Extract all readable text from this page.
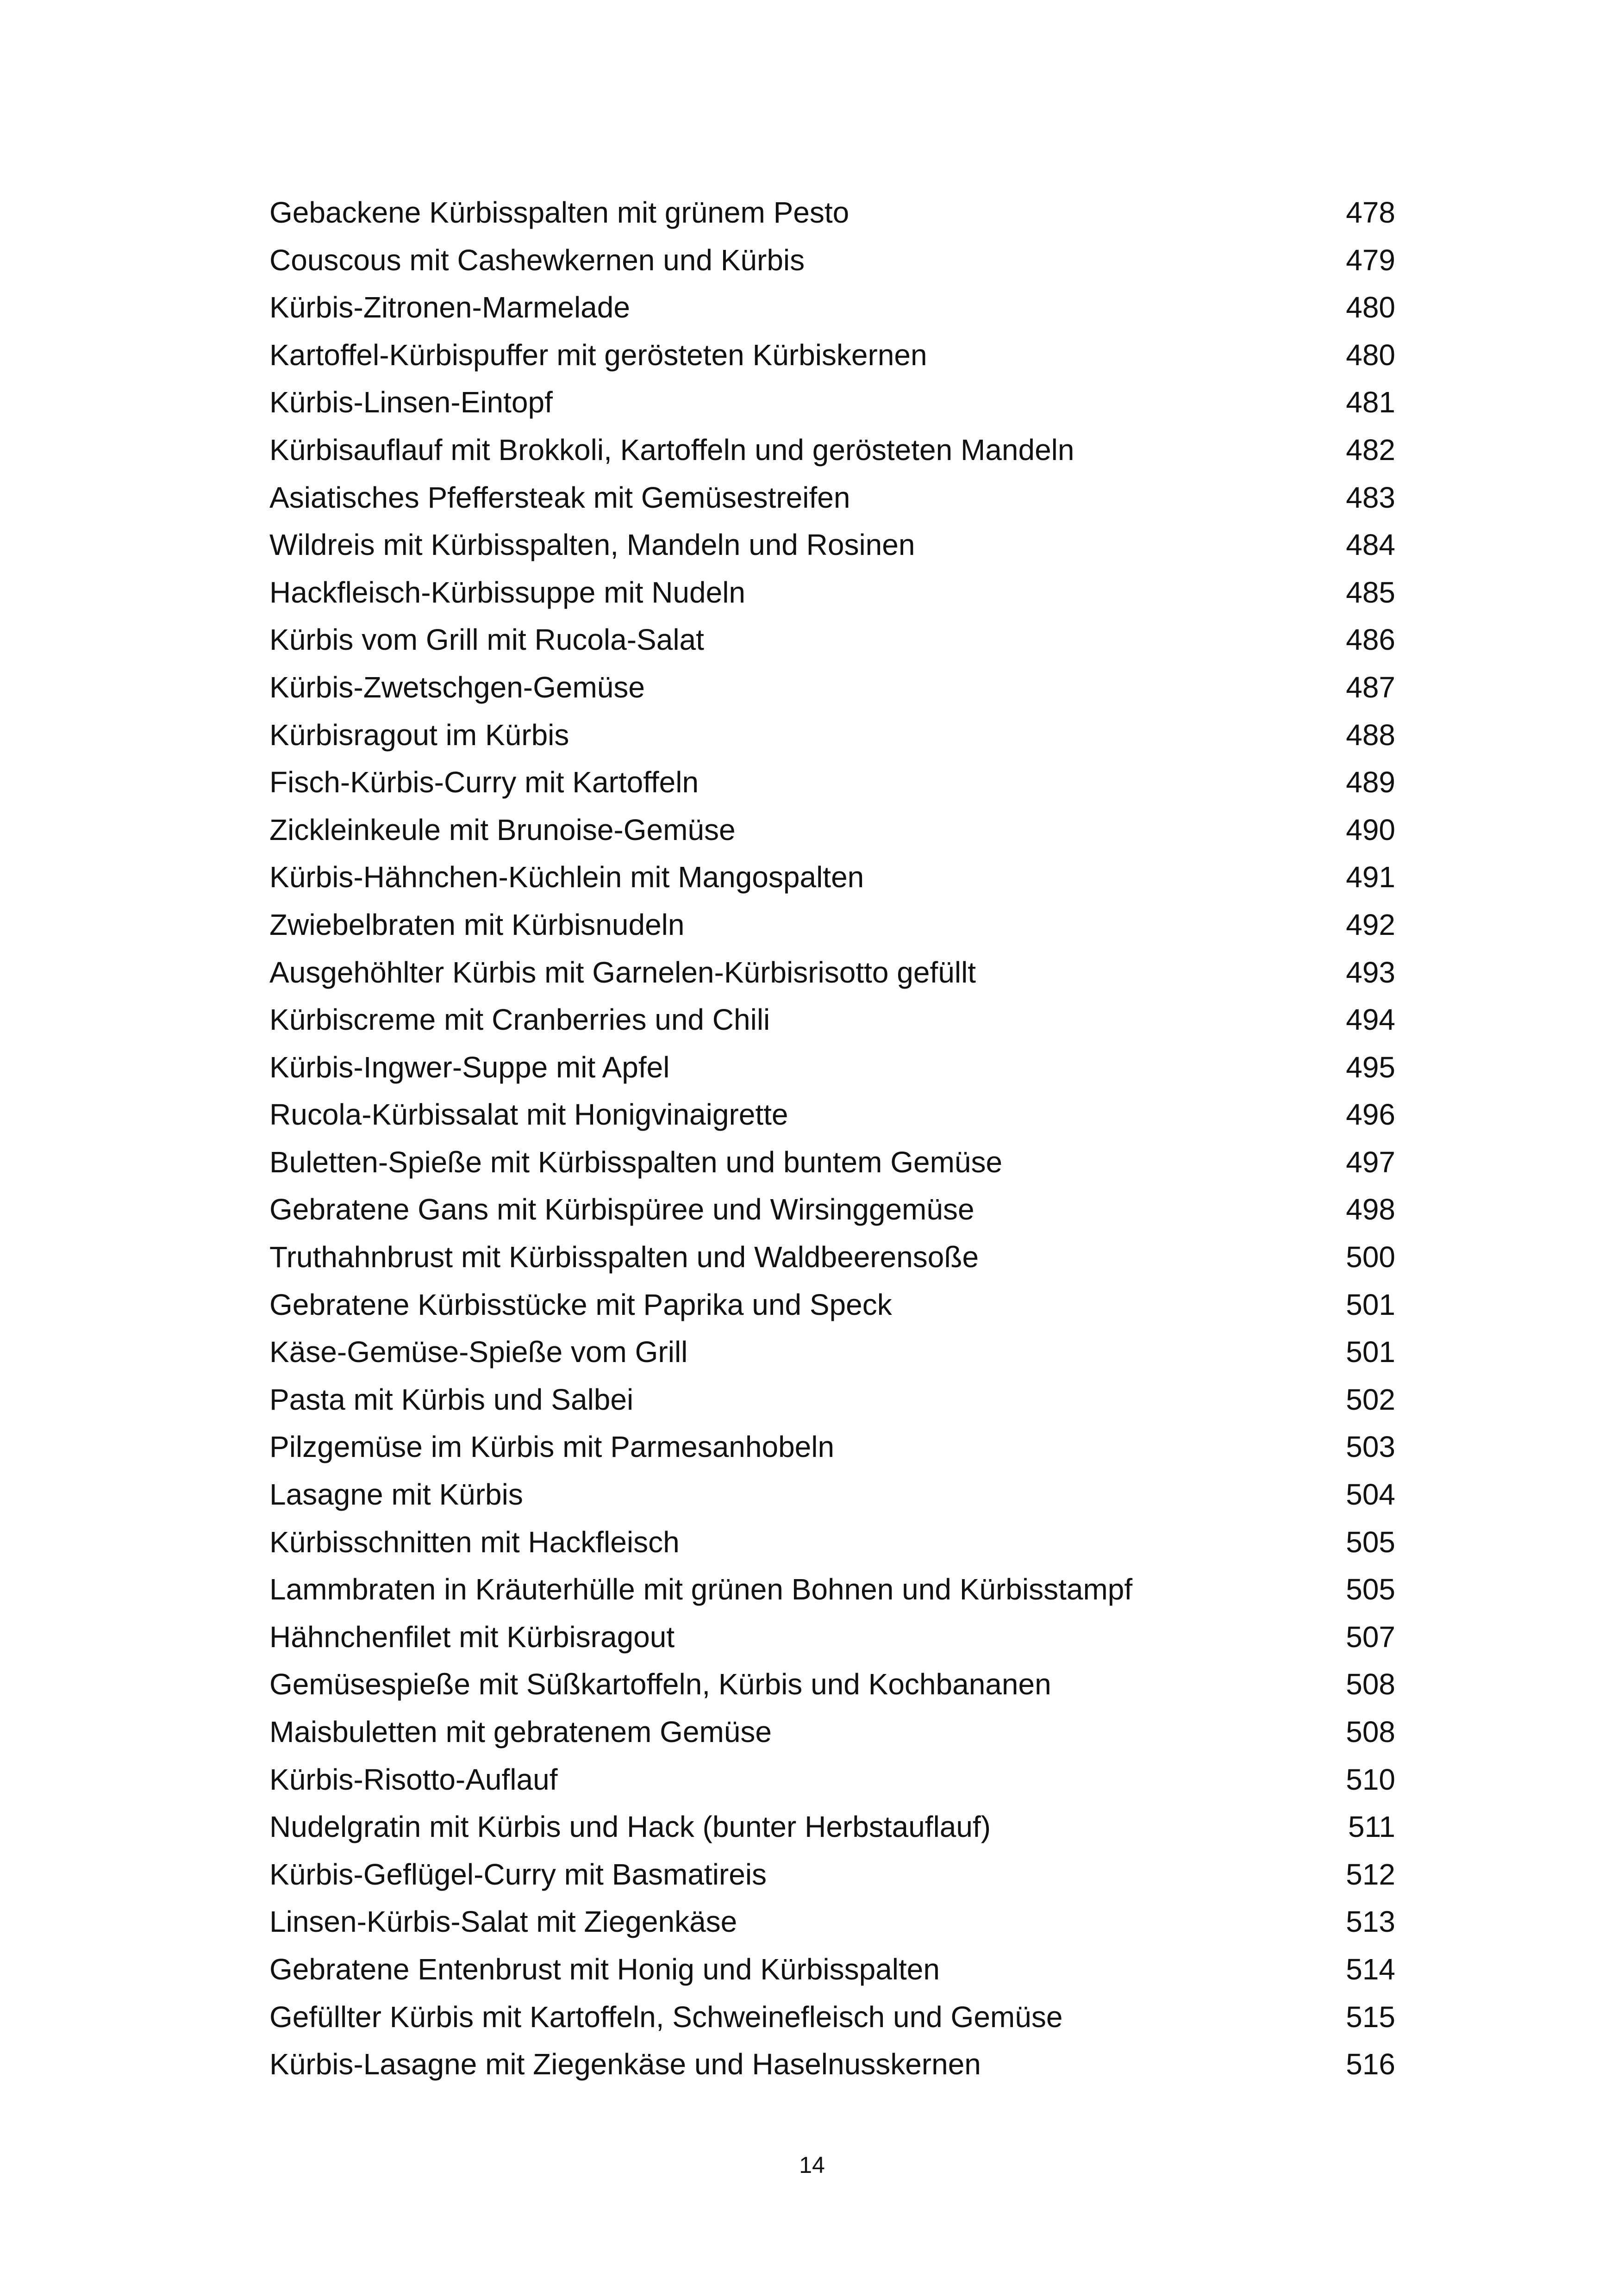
Gebackene Kürbisspalten mit grünem Pesto	478
Couscous mit Cashewkernen und Kürbis	479
Kürbis-Zitronen-Marmelade	480
Kartoffel-Kürbispuffer mit gerösteten Kürbiskernen	480
Kürbis-Linsen-Eintopf	481
Kürbisauflauf mit Brokkoli, Kartoffeln und gerösteten Mandeln	482
Asiatisches Pfeffersteak mit Gemüsestreifen	483
Wildreis mit Kürbisspalten, Mandeln und Rosinen	484
Hackfleisch-Kürbissuppe mit Nudeln	485
Kürbis vom Grill mit Rucola-Salat	486
Kürbis-Zwetschgen-Gemüse	487
Kürbisragout im Kürbis	488
Fisch-Kürbis-Curry mit Kartoffeln	489
Zickleinkeule mit Brunoise-Gemüse	490
Kürbis-Hähnchen-Küchlein mit Mangospalten	491
Zwiebelbraten mit Kürbisnudeln	492
Ausgehöhlter Kürbis mit Garnelen-Kürbisrisotto gefüllt	493
Kürbiscreme mit Cranberries und Chili	494
Kürbis-Ingwer-Suppe mit Apfel	495
Rucola-Kürbissalat mit Honigvinaigrette	496
Buletten-Spieße mit Kürbisspalten und buntem Gemüse	497
Gebratene Gans mit Kürbispüree und Wirsinggemüse	498
Truthahnbrust mit Kürbisspalten und Waldbeerensoße	500
Gebratene Kürbisstücke mit Paprika und Speck	501
Käse-Gemüse-Spieße vom Grill	501
Pasta mit Kürbis und Salbei	502
Pilzgemüse im Kürbis mit Parmesanhobeln	503
Lasagne mit Kürbis	504
Kürbisschnitten mit Hackfleisch	505
Lammbraten in Kräuterhülle mit grünen Bohnen und Kürbisstampf	505
Hähnchenfilet mit Kürbisragout	507
Gemüsespieße mit Süßkartoffeln, Kürbis und Kochbananen	508
Maisbuletten mit gebratenem Gemüse	508
Kürbis-Risotto-Auflauf	510
Nudelgratin mit Kürbis und Hack (bunter Herbstauflauf)	511
Kürbis-Geflügel-Curry mit Basmatireis	512
Linsen-Kürbis-Salat mit Ziegenkäse	513
Gebratene Entenbrust mit Honig und Kürbisspalten	514
Gefüllter Kürbis mit Kartoffeln, Schweinefleisch und Gemüse	515
Kürbis-Lasagne mit Ziegenkäse und Haselnusskernen	516
14
